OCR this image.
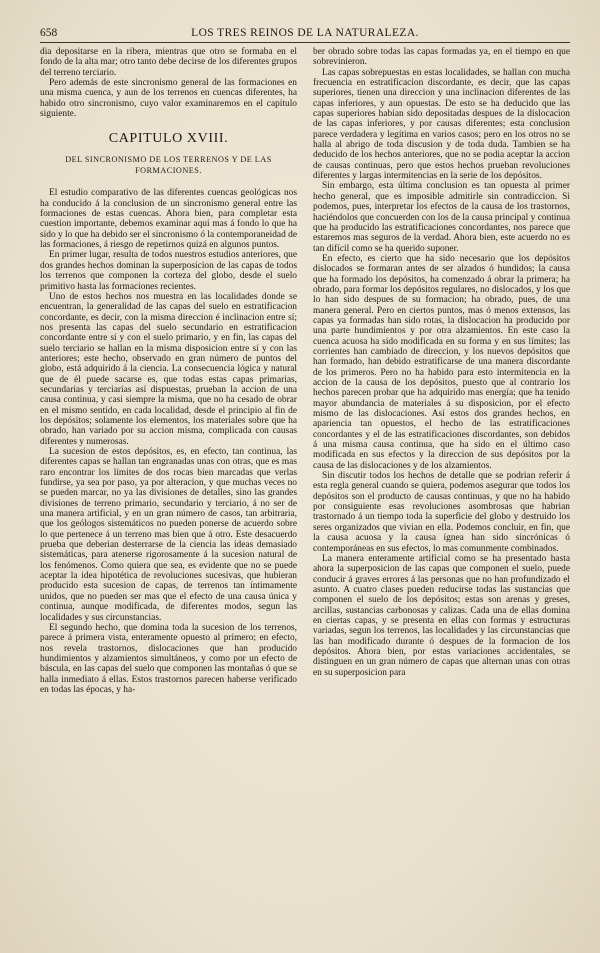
658	LOS TRES REINOS DE LA NATURALEZA.

dia depositarse en la ribera, mientras que otro se formaba en el fondo de la alta mar; otro tanto debe decirse de los diferentes grupos del terreno terciario.

Pero además de este sincronismo general de las formaciones en una misma cuenca, y aun de los terrenos en cuencas diferentes, ha habido otro sincronismo, cuyo valor examinaremos en el capítulo siguiente.

CAPITULO XVIII.
DEL SINCRONISMO DE LOS TERRENOS Y DE LAS FORMACIONES.

El estudio comparativo de las diferentes cuencas geológicas nos ha conducido á la conclusion de un sincronismo general entre las formaciones de estas cuencas. Ahora bien, para completar esta cuestion importante, debemos examinar aquí mas á fondo lo que ha sido y lo que ha debido ser el sincronismo ó la contemporaneidad de las formaciones, á riesgo de repetirnos quizá en algunos puntos.

En primer lugar, resulta de todos nuestros estudios anteriores, que dos grandes hechos dominan la superposicion de las capas de todos los terrenos que componen la corteza del globo, desde el suelo primitivo hasta las formaciones recientes.

Uno de estos hechos nos muestra en las localidades donde se encuentran, la generalidad de las capas del suelo en estratificacion concordante, es decir, con la misma direccion é inclinacion entre sí; nos presenta las capas del suelo secundario en estratificacion concordante entre sí y con el suelo primario, y en fin, las capas del suelo terciario se hallan en la misma disposicion entre sí y con las anteriores; este hecho, observado en gran número de puntos del globo, está adquirido á la ciencia. La consecuencia lógica y natural que de él puede sacarse es, que todas estas capas primarias, secundarias y terciarias así dispuestas, prueban la accion de una causa continua, y casi siempre la misma, que no ha cesado de obrar en el mismo sentido, en cada localidad, desde el principio al fin de los depósitos; solamente los elementos, los materiales sobre que ha obrado, han variado por su accion misma, complicada con causas diferentes y numerosas.

La sucesion de estos depósitos, es, en efecto, tan continua, las diferentes capas se hallan tan engranadas unas con otras, que es mas raro encontrar los límites de dos rocas bien marcadas que verlas fundirse, ya sea por paso, ya por alteracion, y que muchas veces no se pueden marcar, no ya las divisiones de detalles, sino las grandes divisiones de terreno primario, secundario y terciario, á no ser de una manera artificial, y en un gran número de casos, tan arbitraria, que los geólogos sistemáticos no pueden ponerse de acuerdo sobre lo que pertenece á un terreno mas bien que á otro. Este desacuerdo prueba que deberian desterrarse de la ciencia las ideas demasiado sistemáticas, para atenerse rigorosamente á la sucesion natural de los fenómenos. Como quiera que sea, es evidente que no se puede aceptar la idea hipotética de revoluciones sucesivas, que hubieran producido esta sucesion de capas, de terrenos tan íntimamente unidos, que no pueden ser mas que el efecto de una causa única y continua, aunque modificada, de diferentes modos, segun las localidades y sus circunstancias.

El segundo hecho, que domina toda la sucesion de los terrenos, parece á primera vista, enteramente opuesto al primero; en efecto, nos revela trastornos, dislocaciones que han producido hundimientos y alzamientos simultáneos, y como por un efecto de báscula, en las capas del suelo que componen las montañas ó que se halla inmediato á ellas. Estos trastornos parecen haberse verificado en todas las épocas, y ha-

ber obrado sobre todas las capas formadas ya, en el tiempo en que sobrevinieron.

Las capas sobrepuestas en estas localidades, se hallan con mucha frecuencia en estratificacion discordante, es decir, que las capas superiores, tienen una direccion y una inclinacion diferentes de las capas inferiores, y aun opuestas. De esto se ha deducido que las capas superiores habian sido depositadas despues de la dislocacion de las capas inferiores, y por causas diferentes; esta conclusion parece verdadera y legítima en varios casos; pero en los otros no se halla al abrigo de toda discusion y de toda duda. Tambien se ha deducido de los hechos anteriores, que no se podia aceptar la accion de causas continuas, pero que estos hechos prueban revoluciones diferentes y largas intermitencias en la serie de los depósitos.

Sin embargo, esta última conclusion es tan opuesta al primer hecho general, que es imposible admitirle sin contradiccion. Si podemos, pues, interpretar los efectos de la causa de los trastornos, haciéndolos que concuerden con los de la causa principal y continua que ha producido las estratificaciones concordantes, nos parece que estaremos mas seguros de la verdad. Ahora bien, este acuerdo no es tan difícil como se ha querido suponer.

En efecto, es cierto que ha sido necesario que los depósitos dislocados se formaran antes de ser alzados ó hundidos; la causa que ha formado los depósitos, ha comenzado á obrar la primera; ha obrado, para formar los depósitos regulares, no dislocados, y los que lo han sido despues de su formacion; ha obrado, pues, de una manera general. Pero en ciertos puntos, mas ó menos extensos, las capas ya formadas han sido rotas, la dislocacion ha producido por una parte hundimientos y por otra alzamientos. En este caso la cuenca acuosa ha sido modificada en su forma y en sus límites; las corrientes han cambiado de direccion, y los nuevos depósitos que han formado, han debido estratificarse de una manera discordante de los primeros. Pero no ha habido para esto intermitencia en la accion de la causa de los depósitos, puesto que al contrario los hechos parecen probar que ha adquirido mas energía; que ha tenido mayor abundancia de materiales á su disposicion, por el efecto mismo de las dislocaciones. Así estos dos grandes hechos, en apariencia tan opuestos, el hecho de las estratificaciones concordantes y el de las estratificaciones discordantes, son debidos á una misma causa continua, que ha sido en el último caso modificada en sus efectos y la direccion de sus depósitos por la causa de las dislocaciones y de los alzamientos.

Sin discutir todos los hechos de detalle que se podrian referir á esta regla general cuando se quiera, podemos asegurar que todos los depósitos son el producto de causas continuas, y que no ha habido por consiguiente esas revoluciones asombrosas que habrian trastornado á un tiempo toda la superficie del globo y destruido los seres organizados que vivian en ella. Podemos concluir, en fin, que la causa acuosa y la causa ígnea han sido sincrónicas ó contemporáneas en sus efectos, lo mas comunmente combinados.

La manera enteramente artificial como se ha presentado hasta ahora la superposicion de las capas que componen el suelo, puede conducir á graves errores á las personas que no han profundizado el asunto. A cuatro clases pueden reducirse todas las sustancias que componen el suelo de los depósitos; estas son arenas y greses, arcillas, sustancias carbonosas y calizas. Cada una de ellas domina en ciertas capas, y se presenta en ellas con formas y estructuras variadas, segun los terrenos, las localidades y las circunstancias que las han modificado durante ó despues de la formacion de los depósitos. Ahora bien, por estas variaciones accidentales, se distinguen en un gran número de capas que alternan unas con otras en su superposicion para
